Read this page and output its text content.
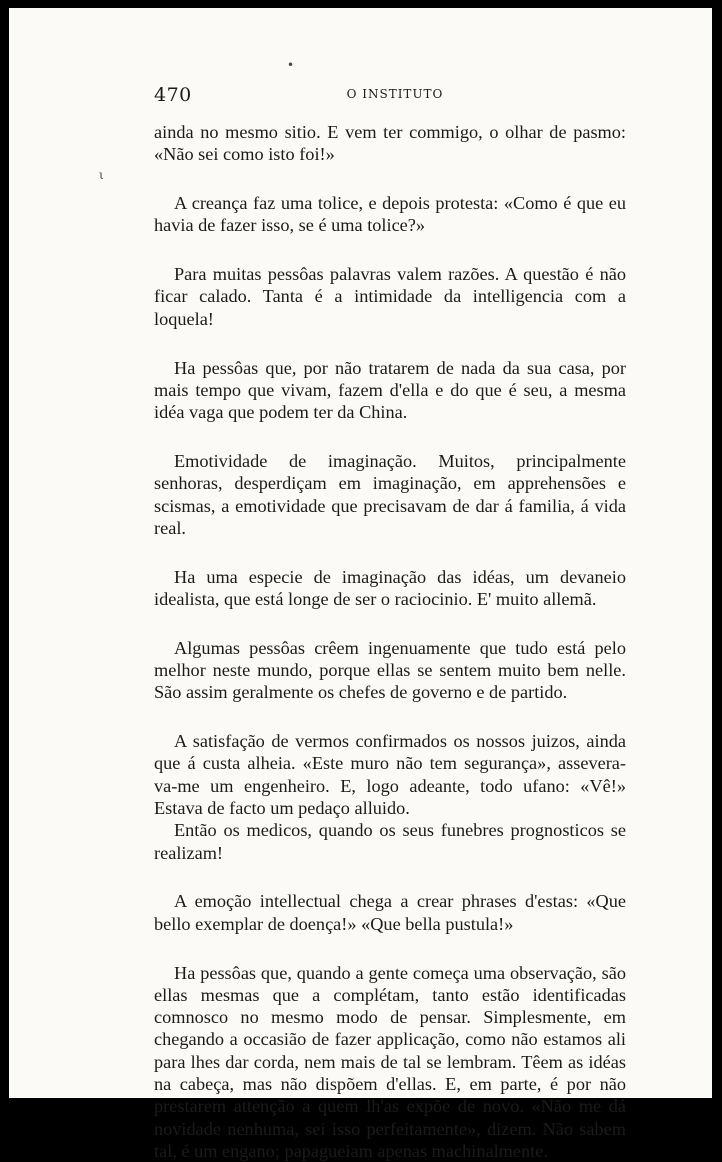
470	O INSTITUTO

ainda no mesmo sitio. E vem ter commigo, o olhar de pasmo: «Não sei como isto foi!»

A creança faz uma tolice, e depois protesta: «Como é que eu havia de fazer isso, se é uma tolice?»

Para muitas pessôas palavras valem razões. A questão é não ficar calado. Tanta é a intimidade da intelligencia com a loquela!

Ha pessôas que, por não tratarem de nada da sua casa, por mais tempo que vivam, fazem d'ella e do que é seu, a mesma idéa vaga que podem ter da China.

Emotividade de imaginação. Muitos, principalmente senhoras, desperdiçam em imaginação, em apprehensões e scismas, a emotividade que precisavam de dar á familia, á vida real.

Ha uma especie de imaginação das idéas, um devaneio idealista, que está longe de ser o raciocinio. E' muito allemã.

Algumas pessôas crêem ingenuamente que tudo está pelo melhor neste mundo, porque ellas se sentem muito bem nelle. São assim geralmente os chefes de governo e de partido.

A satisfação de vermos confirmados os nossos juizos, ainda que á custa alheia. «Este muro não tem segurança», assevera-va-me um engenheiro. E, logo adeante, todo ufano: «Vê!» Estava de facto um pedaço alluido.

Então os medicos, quando os seus funebres prognosticos se realizam!

A emoção intellectual chega a crear phrases d'estas: «Que bello exemplar de doença!» «Que bella pustula!»

Ha pessôas que, quando a gente começa uma observação, são ellas mesmas que a complétam, tanto estão identificadas comnosco no mesmo modo de pensar. Simplesmente, em chegando a occasião de fazer applicação, como não estamos ali para lhes dar corda, nem mais de tal se lembram. Têem as idéas na cabeça, mas não dispõem d'ellas. E, em parte, é por não prestarem attenção a quem lh'as expõe de novo. «Não me dá novidade nenhuma, sei isso perfeitamente», dizem. Não sabem tal, é um engano; papagueiam apenas machinalmente.

•
ι
